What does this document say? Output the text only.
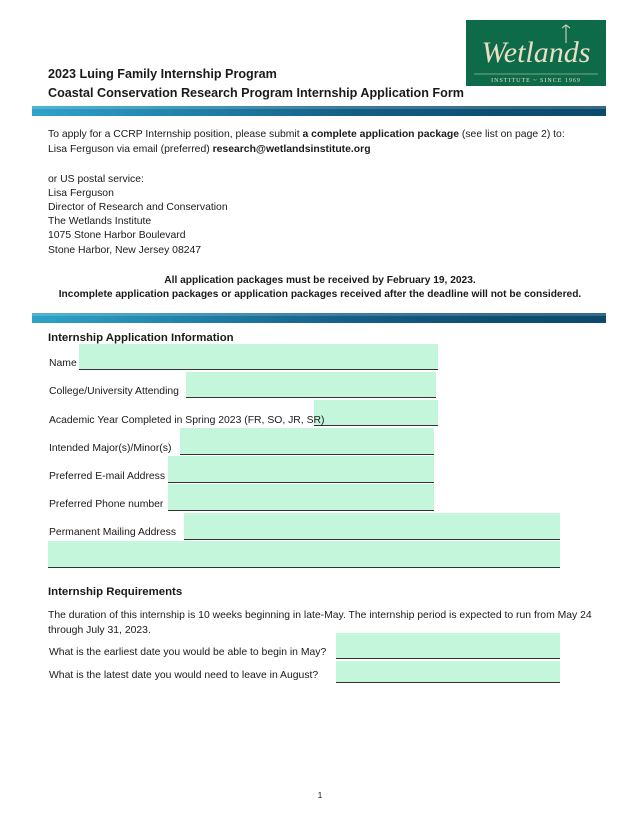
Wetlands
INSTITUTE ~ SINCE 1969
2023 Luing Family Internship Program
Coastal Conservation Research Program Internship Application Form
To apply for a CCRP Internship position, please submit a complete application package (see list on page 2) to:
Lisa Ferguson via email (preferred) research@wetlandsinstitute.org
or US postal service:
Lisa Ferguson
Director of Research and Conservation
The Wetlands Institute
1075 Stone Harbor Boulevard
Stone Harbor, New Jersey 08247
All application packages must be received by February 19, 2023.
Incomplete application packages or application packages received after the deadline will not be considered.
Internship Application Information
Name
College/University Attending
Academic Year Completed in Spring 2023 (FR, SO, JR, SR)
Intended Major(s)/Minor(s)
Preferred E-mail Address
Preferred Phone number
Permanent Mailing Address
Internship Requirements
The duration of this internship is 10 weeks beginning in late-May. The internship period is expected to run from May 24
through July 31, 2023.
What is the earliest date you would be able to begin in May?
What is the latest date you would need to leave in August?
1
